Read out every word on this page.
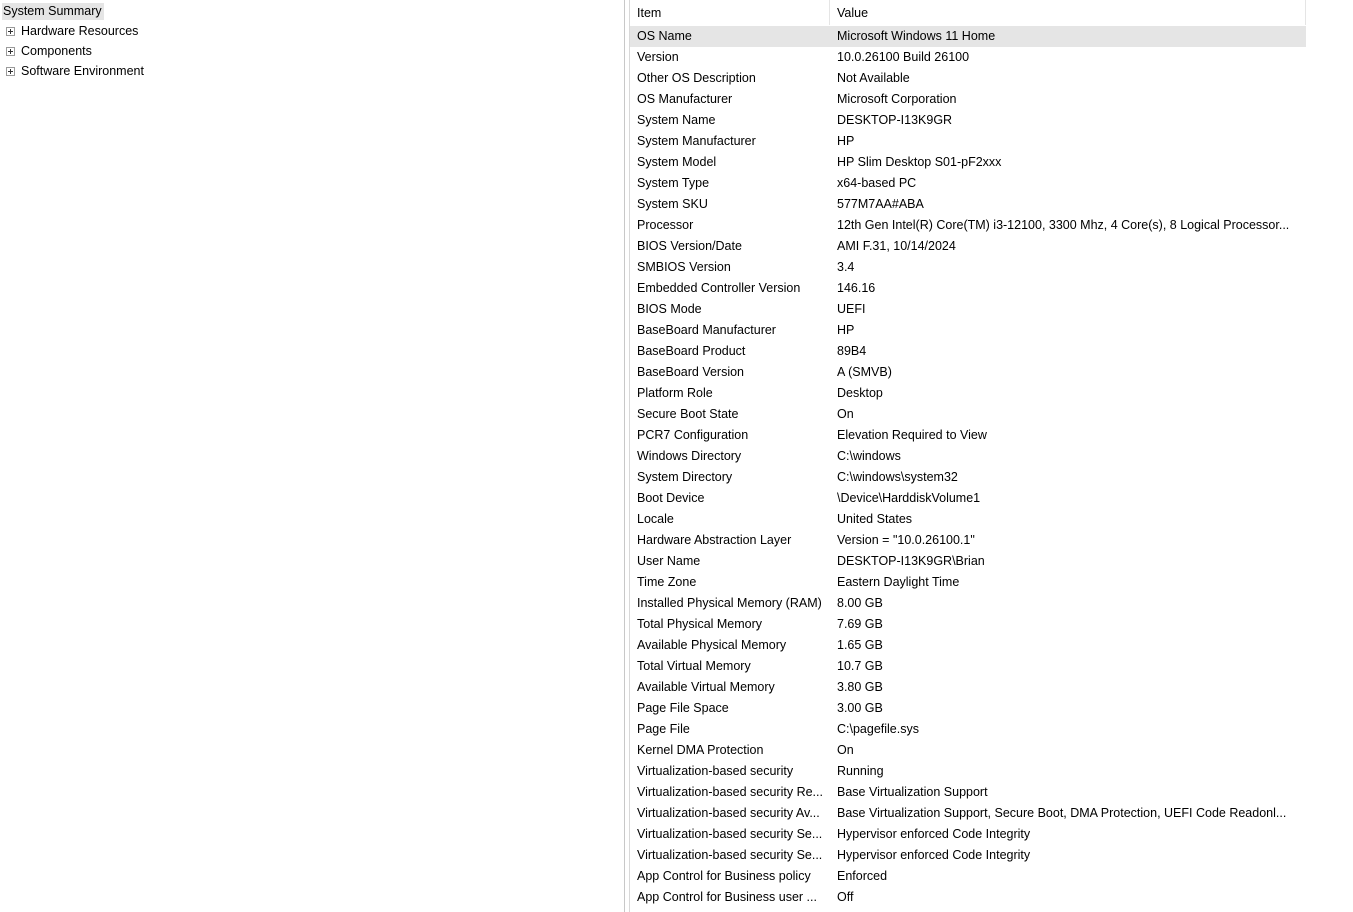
System Summary
Hardware Resources
Components
Software Environment
Item	Value
OS Name	Microsoft Windows 11 Home
Version	10.0.26100 Build 26100
Other OS Description	Not Available
OS Manufacturer	Microsoft Corporation
System Name	DESKTOP-I13K9GR
System Manufacturer	HP
System Model	HP Slim Desktop S01-pF2xxx
System Type	x64-based PC
System SKU	577M7AA#ABA
Processor	12th Gen Intel(R) Core(TM) i3-12100, 3300 Mhz, 4 Core(s), 8 Logical Processor...
BIOS Version/Date	AMI F.31, 10/14/2024
SMBIOS Version	3.4
Embedded Controller Version	146.16
BIOS Mode	UEFI
BaseBoard Manufacturer	HP
BaseBoard Product	89B4
BaseBoard Version	A (SMVB)
Platform Role	Desktop
Secure Boot State	On
PCR7 Configuration	Elevation Required to View
Windows Directory	C:\windows
System Directory	C:\windows\system32
Boot Device	\Device\HarddiskVolume1
Locale	United States
Hardware Abstraction Layer	Version = "10.0.26100.1"
User Name	DESKTOP-I13K9GR\Brian
Time Zone	Eastern Daylight Time
Installed Physical Memory (RAM)	8.00 GB
Total Physical Memory	7.69 GB
Available Physical Memory	1.65 GB
Total Virtual Memory	10.7 GB
Available Virtual Memory	3.80 GB
Page File Space	3.00 GB
Page File	C:\pagefile.sys
Kernel DMA Protection	On
Virtualization-based security	Running
Virtualization-based security Re...	Base Virtualization Support
Virtualization-based security Av...	Base Virtualization Support, Secure Boot, DMA Protection, UEFI Code Readonl...
Virtualization-based security Se...	Hypervisor enforced Code Integrity
Virtualization-based security Se...	Hypervisor enforced Code Integrity
App Control for Business policy	Enforced
App Control for Business user ...	Off
